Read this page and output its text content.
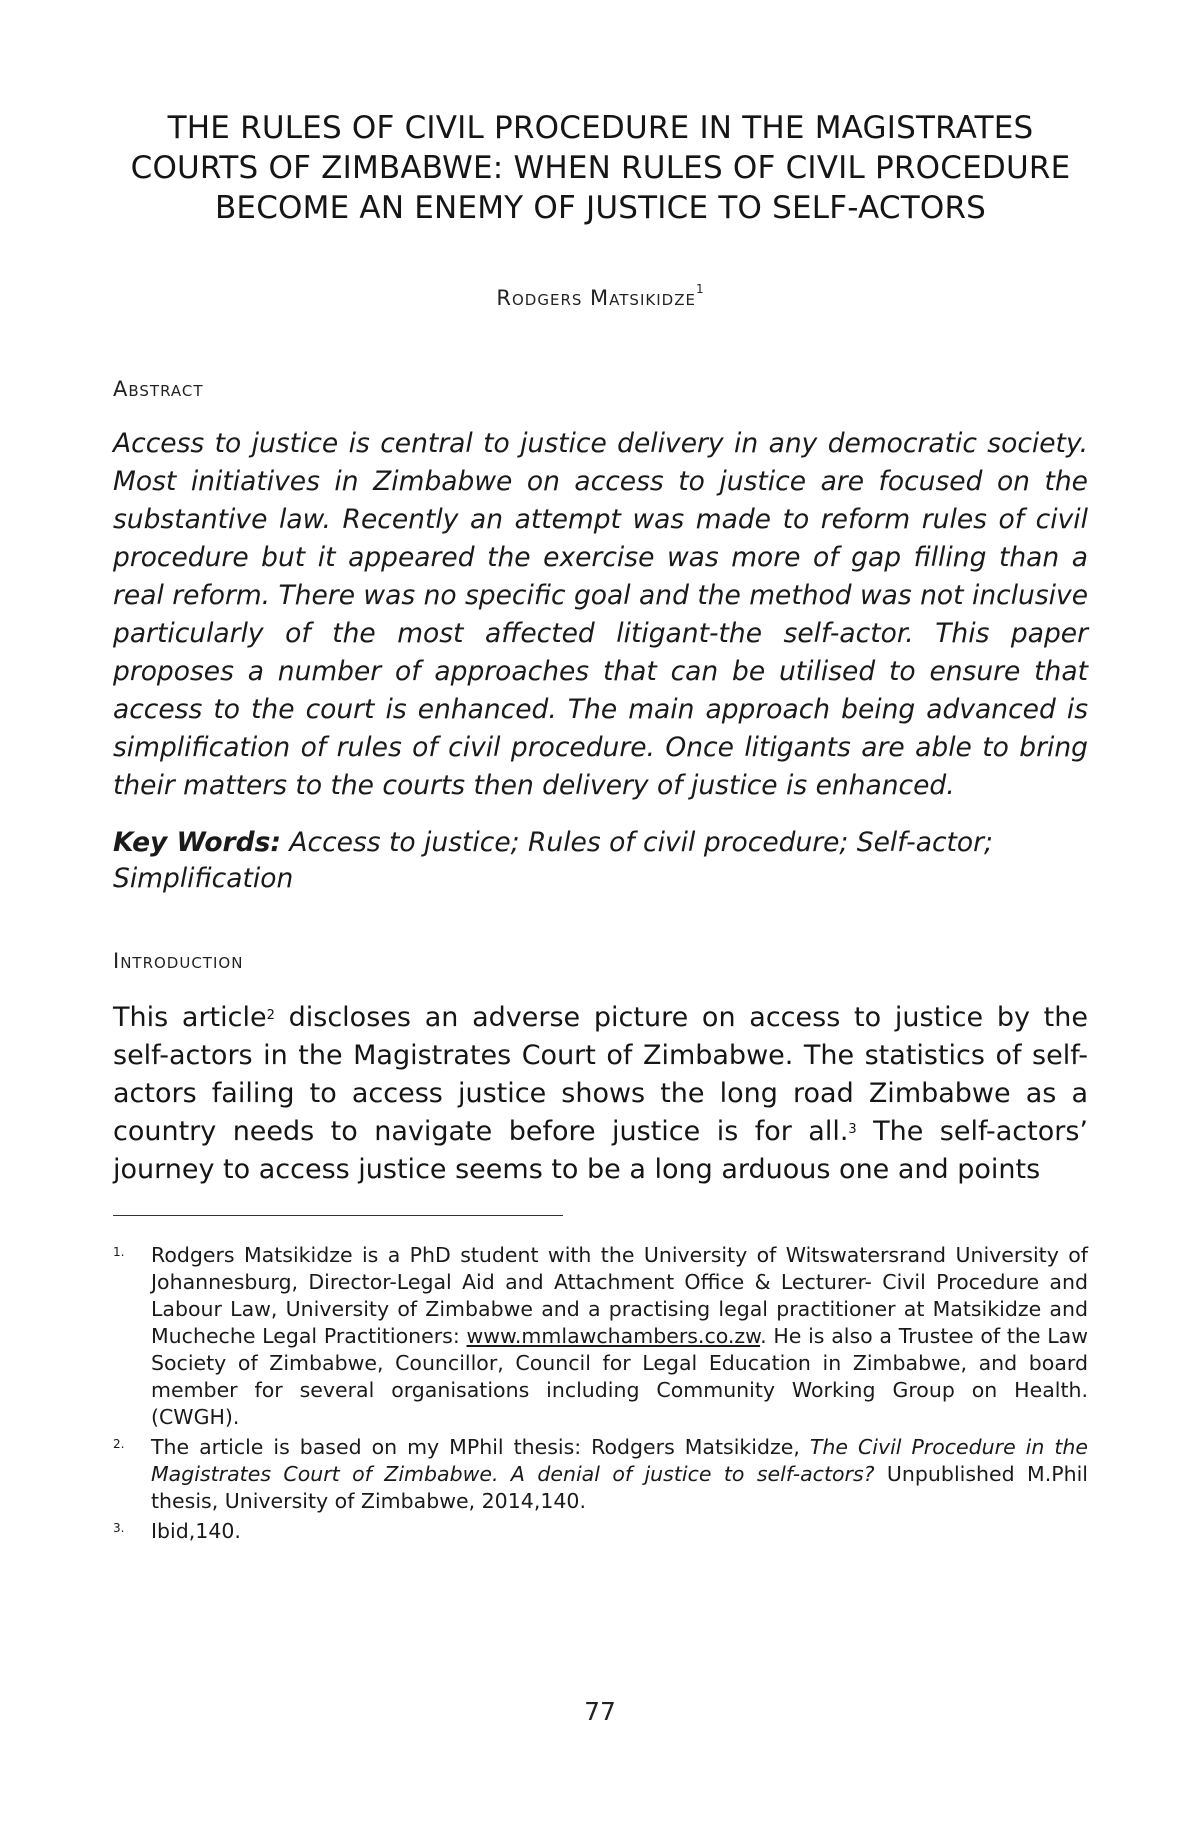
THE RULES OF CIVIL PROCEDURE IN THE MAGISTRATES
COURTS OF ZIMBABWE: WHEN RULES OF CIVIL PROCEDURE
BECOME AN ENEMY OF JUSTICE TO SELF-ACTORS
Rodgers Matsikidze$^1$
Abstract
Access to justice is central to justice delivery in any democratic society. Most initiatives in Zimbabwe on access to justice are focused on the substantive law. Recently an attempt was made to reform rules of civil procedure but it appeared the exercise was more of gap filling than a real reform. There was no specific goal and the method was not inclusive particularly of the most affected litigant-the self-actor. This paper proposes a number of approaches that can be utilised to ensure that access to the court is enhanced. The main approach being advanced is simplification of rules of civil procedure. Once litigants are able to bring their matters to the courts then delivery of justice is enhanced.
Key Words: Access to justice; Rules of civil procedure; Self-actor; Simplification
Introduction
This article$^2$ discloses an adverse picture on access to justice by the self-actors in the Magistrates Court of Zimbabwe. The statistics of self-actors failing to access justice shows the long road Zimbabwe as a country needs to navigate before justice is for all.$^3$ The self-actors’ journey to access justice seems to be a long arduous one and points
1.	Rodgers Matsikidze is a PhD student with the University of Witswatersrand University of Johannesburg, Director-Legal Aid and Attachment Office & Lecturer- Civil Procedure and Labour Law, University of Zimbabwe and a practising legal practitioner at Matsikidze and Mucheche Legal Practitioners: www.mmlawchambers.co.zw. He is also a Trustee of the Law Society of Zimbabwe, Councillor, Council for Legal Education in Zimbabwe, and board member for several organisations including Community Working Group on Health. (CWGH).
2.	The article is based on my MPhil thesis: Rodgers Matsikidze, The Civil Procedure in the Magistrates Court of Zimbabwe. A denial of justice to self-actors? Unpublished M.Phil thesis, University of Zimbabwe, 2014,140.
3.	Ibid,140.
77
